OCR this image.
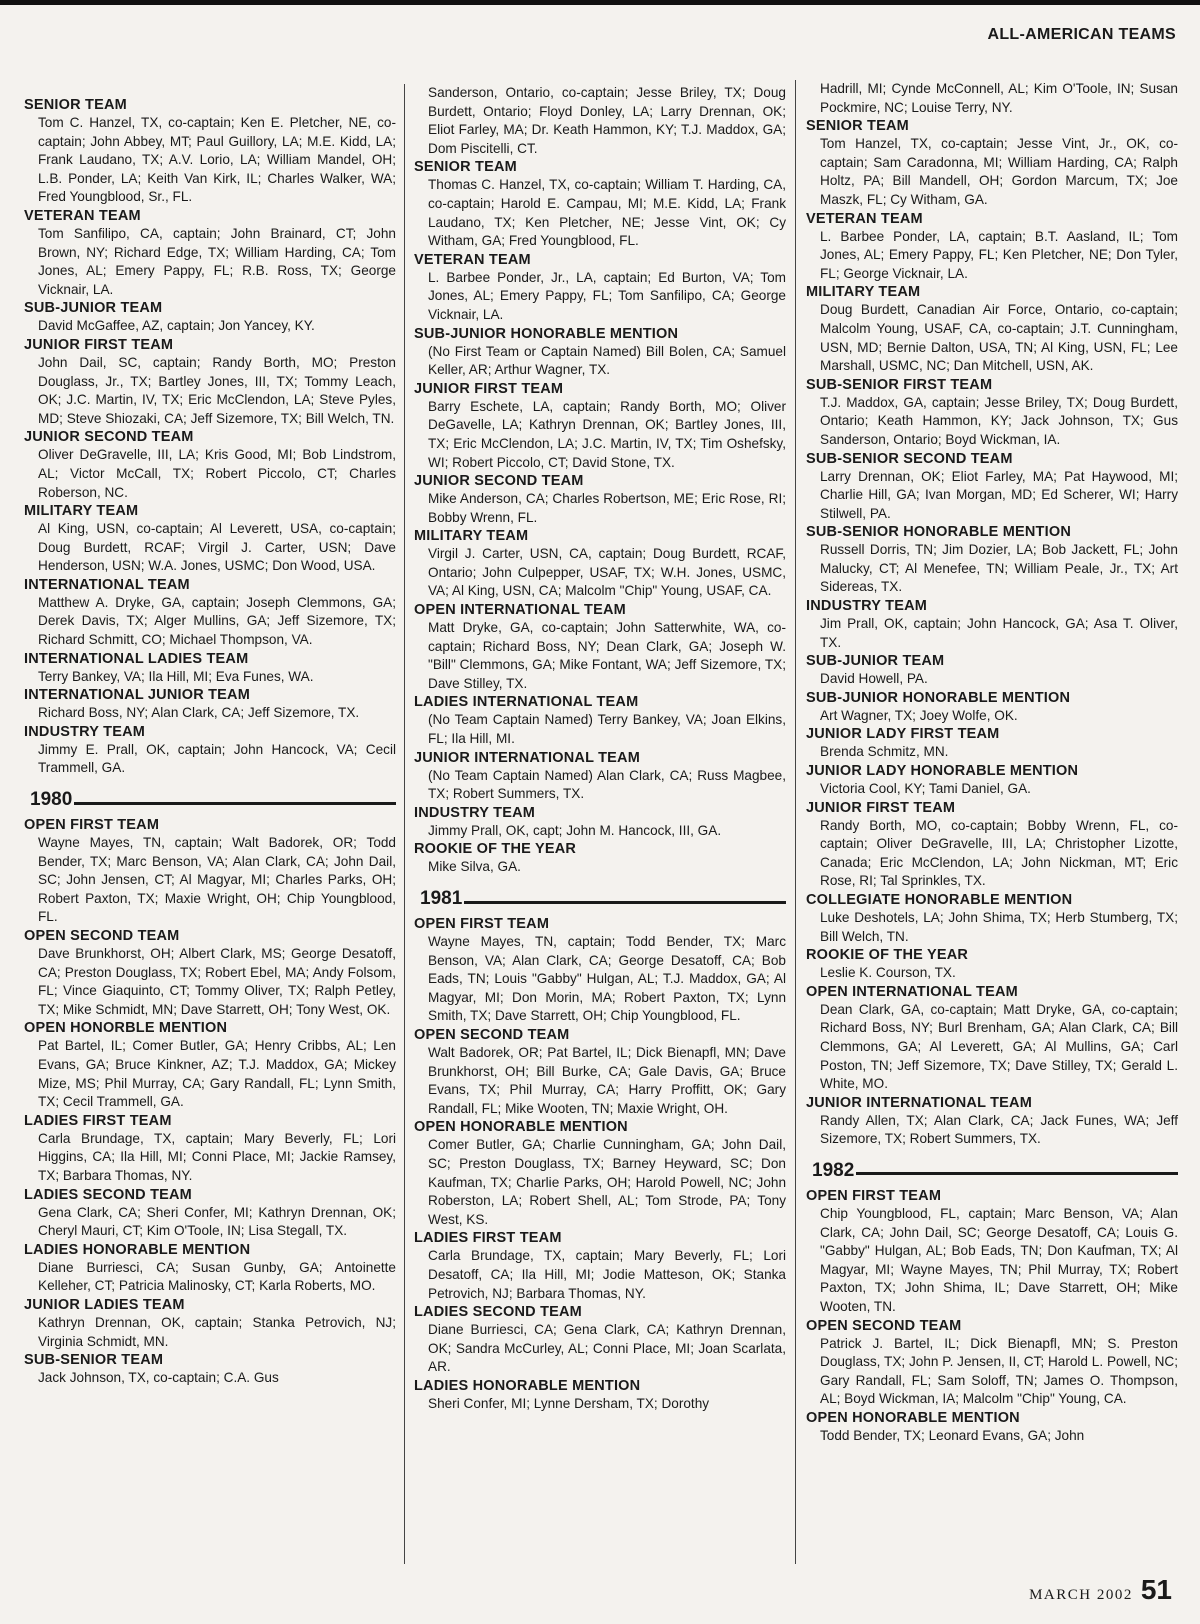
ALL-AMERICAN TEAMS
SENIOR TEAM
Tom C. Hanzel, TX, co-captain; Ken E. Pletcher, NE, co-captain; John Abbey, MT; Paul Guillory, LA; M.E. Kidd, LA; Frank Laudano, TX; A.V. Lorio, LA; William Mandel, OH; L.B. Ponder, LA; Keith Van Kirk, IL; Charles Walker, WA; Fred Youngblood, Sr., FL.
VETERAN TEAM
Tom Sanfilipo, CA, captain; John Brainard, CT; John Brown, NY; Richard Edge, TX; William Harding, CA; Tom Jones, AL; Emery Pappy, FL; R.B. Ross, TX; George Vicknair, LA.
SUB-JUNIOR TEAM
David McGaffee, AZ, captain; Jon Yancey, KY.
JUNIOR FIRST TEAM
John Dail, SC, captain; Randy Borth, MO; Preston Douglass, Jr., TX; Bartley Jones, III, TX; Tommy Leach, OK; J.C. Martin, IV, TX; Eric McClendon, LA; Steve Pyles, MD; Steve Shiozaki, CA; Jeff Sizemore, TX; Bill Welch, TN.
JUNIOR SECOND TEAM
Oliver DeGravelle, III, LA; Kris Good, MI; Bob Lindstrom, AL; Victor McCall, TX; Robert Piccolo, CT; Charles Roberson, NC.
MILITARY TEAM
Al King, USN, co-captain; Al Leverett, USA, co-captain; Doug Burdett, RCAF; Virgil J. Carter, USN; Dave Henderson, USN; W.A. Jones, USMC; Don Wood, USA.
INTERNATIONAL TEAM
Matthew A. Dryke, GA, captain; Joseph Clemmons, GA; Derek Davis, TX; Alger Mullins, GA; Jeff Sizemore, TX; Richard Schmitt, CO; Michael Thompson, VA.
INTERNATIONAL LADIES TEAM
Terry Bankey, VA; Ila Hill, MI; Eva Funes, WA.
INTERNATIONAL JUNIOR TEAM
Richard Boss, NY; Alan Clark, CA; Jeff Sizemore, TX.
INDUSTRY TEAM
Jimmy E. Prall, OK, captain; John Hancock, VA; Cecil Trammell, GA.
1980
OPEN FIRST TEAM
Wayne Mayes, TN, captain; Walt Badorek, OR; Todd Bender, TX; Marc Benson, VA; Alan Clark, CA; John Dail, SC; John Jensen, CT; Al Magyar, MI; Charles Parks, OH; Robert Paxton, TX; Maxie Wright, OH; Chip Youngblood, FL.
OPEN SECOND TEAM
Dave Brunkhorst, OH; Albert Clark, MS; George Desatoff, CA; Preston Douglass, TX; Robert Ebel, MA; Andy Folsom, FL; Vince Giaquinto, CT; Tommy Oliver, TX; Ralph Petley, TX; Mike Schmidt, MN; Dave Starrett, OH; Tony West, OK.
OPEN HONORBLE MENTION
Pat Bartel, IL; Comer Butler, GA; Henry Cribbs, AL; Len Evans, GA; Bruce Kinkner, AZ; T.J. Maddox, GA; Mickey Mize, MS; Phil Murray, CA; Gary Randall, FL; Lynn Smith, TX; Cecil Trammell, GA.
LADIES FIRST TEAM
Carla Brundage, TX, captain; Mary Beverly, FL; Lori Higgins, CA; Ila Hill, MI; Conni Place, MI; Jackie Ramsey, TX; Barbara Thomas, NY.
LADIES SECOND TEAM
Gena Clark, CA; Sheri Confer, MI; Kathryn Drennan, OK; Cheryl Mauri, CT; Kim O'Toole, IN; Lisa Stegall, TX.
LADIES HONORABLE MENTION
Diane Burriesci, CA; Susan Gunby, GA; Antoinette Kelleher, CT; Patricia Malinosky, CT; Karla Roberts, MO.
JUNIOR LADIES TEAM
Kathryn Drennan, OK, captain; Stanka Petrovich, NJ; Virginia Schmidt, MN.
SUB-SENIOR TEAM
Jack Johnson, TX, co-captain; C.A. Gus
Sanderson, Ontario, co-captain; Jesse Briley, TX; Doug Burdett, Ontario; Floyd Donley, LA; Larry Drennan, OK; Eliot Farley, MA; Dr. Keath Hammon, KY; T.J. Maddox, GA; Dom Piscitelli, CT.
SENIOR TEAM
Thomas C. Hanzel, TX, co-captain; William T. Harding, CA, co-captain; Harold E. Campau, MI; M.E. Kidd, LA; Frank Laudano, TX; Ken Pletcher, NE; Jesse Vint, OK; Cy Witham, GA; Fred Youngblood, FL.
VETERAN TEAM
L. Barbee Ponder, Jr., LA, captain; Ed Burton, VA; Tom Jones, AL; Emery Pappy, FL; Tom Sanfilipo, CA; George Vicknair, LA.
SUB-JUNIOR HONORABLE MENTION
(No First Team or Captain Named) Bill Bolen, CA; Samuel Keller, AR; Arthur Wagner, TX.
JUNIOR FIRST TEAM
Barry Eschete, LA, captain; Randy Borth, MO; Oliver DeGavelle, LA; Kathryn Drennan, OK; Bartley Jones, III, TX; Eric McClendon, LA; J.C. Martin, IV, TX; Tim Oshefsky, WI; Robert Piccolo, CT; David Stone, TX.
JUNIOR SECOND TEAM
Mike Anderson, CA; Charles Robertson, ME; Eric Rose, RI; Bobby Wrenn, FL.
MILITARY TEAM
Virgil J. Carter, USN, CA, captain; Doug Burdett, RCAF, Ontario; John Culpepper, USAF, TX; W.H. Jones, USMC, VA; Al King, USN, CA; Malcolm "Chip" Young, USAF, CA.
OPEN INTERNATIONAL TEAM
Matt Dryke, GA, co-captain; John Satterwhite, WA, co-captain; Richard Boss, NY; Dean Clark, GA; Joseph W. "Bill" Clemmons, GA; Mike Fontant, WA; Jeff Sizemore, TX; Dave Stilley, TX.
LADIES INTERNATIONAL TEAM
(No Team Captain Named) Terry Bankey, VA; Joan Elkins, FL; Ila Hill, MI.
JUNIOR INTERNATIONAL TEAM
(No Team Captain Named) Alan Clark, CA; Russ Magbee, TX; Robert Summers, TX.
INDUSTRY TEAM
Jimmy Prall, OK, capt; John M. Hancock, III, GA.
ROOKIE OF THE YEAR
Mike Silva, GA.
1981
OPEN FIRST TEAM
Wayne Mayes, TN, captain; Todd Bender, TX; Marc Benson, VA; Alan Clark, CA; George Desatoff, CA; Bob Eads, TN; Louis "Gabby" Hulgan, AL; T.J. Maddox, GA; Al Magyar, MI; Don Morin, MA; Robert Paxton, TX; Lynn Smith, TX; Dave Starrett, OH; Chip Youngblood, FL.
OPEN SECOND TEAM
Walt Badorek, OR; Pat Bartel, IL; Dick Bienapfl, MN; Dave Brunkhorst, OH; Bill Burke, CA; Gale Davis, GA; Bruce Evans, TX; Phil Murray, CA; Harry Proffitt, OK; Gary Randall, FL; Mike Wooten, TN; Maxie Wright, OH.
OPEN HONORABLE MENTION
Comer Butler, GA; Charlie Cunningham, GA; John Dail, SC; Preston Douglass, TX; Barney Heyward, SC; Don Kaufman, TX; Charlie Parks, OH; Harold Powell, NC; John Roberston, LA; Robert Shell, AL; Tom Strode, PA; Tony West, KS.
LADIES FIRST TEAM
Carla Brundage, TX, captain; Mary Beverly, FL; Lori Desatoff, CA; Ila Hill, MI; Jodie Matteson, OK; Stanka Petrovich, NJ; Barbara Thomas, NY.
LADIES SECOND TEAM
Diane Burriesci, CA; Gena Clark, CA; Kathryn Drennan, OK; Sandra McCurley, AL; Conni Place, MI; Joan Scarlata, AR.
LADIES HONORABLE MENTION
Sheri Confer, MI; Lynne Dersham, TX; Dorothy
Hadrill, MI; Cynde McConnell, AL; Kim O'Toole, IN; Susan Pockmire, NC; Louise Terry, NY.
SENIOR TEAM
Tom Hanzel, TX, co-captain; Jesse Vint, Jr., OK, co-captain; Sam Caradonna, MI; William Harding, CA; Ralph Holtz, PA; Bill Mandell, OH; Gordon Marcum, TX; Joe Maszk, FL; Cy Witham, GA.
VETERAN TEAM
L. Barbee Ponder, LA, captain; B.T. Aasland, IL; Tom Jones, AL; Emery Pappy, FL; Ken Pletcher, NE; Don Tyler, FL; George Vicknair, LA.
MILITARY TEAM
Doug Burdett, Canadian Air Force, Ontario, co-captain; Malcolm Young, USAF, CA, co-captain; J.T. Cunningham, USN, MD; Bernie Dalton, USA, TN; Al King, USN, FL; Lee Marshall, USMC, NC; Dan Mitchell, USN, AK.
SUB-SENIOR FIRST TEAM
T.J. Maddox, GA, captain; Jesse Briley, TX; Doug Burdett, Ontario; Keath Hammon, KY; Jack Johnson, TX; Gus Sanderson, Ontario; Boyd Wickman, IA.
SUB-SENIOR SECOND TEAM
Larry Drennan, OK; Eliot Farley, MA; Pat Haywood, MI; Charlie Hill, GA; Ivan Morgan, MD; Ed Scherer, WI; Harry Stilwell, PA.
SUB-SENIOR HONORABLE MENTION
Russell Dorris, TN; Jim Dozier, LA; Bob Jackett, FL; John Malucky, CT; Al Menefee, TN; William Peale, Jr., TX; Art Sidereas, TX.
INDUSTRY TEAM
Jim Prall, OK, captain; John Hancock, GA; Asa T. Oliver, TX.
SUB-JUNIOR TEAM
David Howell, PA.
SUB-JUNIOR HONORABLE MENTION
Art Wagner, TX; Joey Wolfe, OK.
JUNIOR LADY FIRST TEAM
Brenda Schmitz, MN.
JUNIOR LADY HONORABLE MENTION
Victoria Cool, KY; Tami Daniel, GA.
JUNIOR FIRST TEAM
Randy Borth, MO, co-captain; Bobby Wrenn, FL, co-captain; Oliver DeGravelle, III, LA; Christopher Lizotte, Canada; Eric McClendon, LA; John Nickman, MT; Eric Rose, RI; Tal Sprinkles, TX.
COLLEGIATE HONORABLE MENTION
Luke Deshotels, LA; John Shima, TX; Herb Stumberg, TX; Bill Welch, TN.
ROOKIE OF THE YEAR
Leslie K. Courson, TX.
OPEN INTERNATIONAL TEAM
Dean Clark, GA, co-captain; Matt Dryke, GA, co-captain; Richard Boss, NY; Burl Brenham, GA; Alan Clark, CA; Bill Clemmons, GA; Al Leverett, GA; Al Mullins, GA; Carl Poston, TN; Jeff Sizemore, TX; Dave Stilley, TX; Gerald L. White, MO.
JUNIOR INTERNATIONAL TEAM
Randy Allen, TX; Alan Clark, CA; Jack Funes, WA; Jeff Sizemore, TX; Robert Summers, TX.
1982
OPEN FIRST TEAM
Chip Youngblood, FL, captain; Marc Benson, VA; Alan Clark, CA; John Dail, SC; George Desatoff, CA; Louis G. "Gabby" Hulgan, AL; Bob Eads, TN; Don Kaufman, TX; Al Magyar, MI; Wayne Mayes, TN; Phil Murray, TX; Robert Paxton, TX; John Shima, IL; Dave Starrett, OH; Mike Wooten, TN.
OPEN SECOND TEAM
Patrick J. Bartel, IL; Dick Bienapfl, MN; S. Preston Douglass, TX; John P. Jensen, II, CT; Harold L. Powell, NC; Gary Randall, FL; Sam Soloff, TN; James O. Thompson, AL; Boyd Wickman, IA; Malcolm "Chip" Young, CA.
OPEN HONORABLE MENTION
Todd Bender, TX; Leonard Evans, GA; John
MARCH 2002 51
